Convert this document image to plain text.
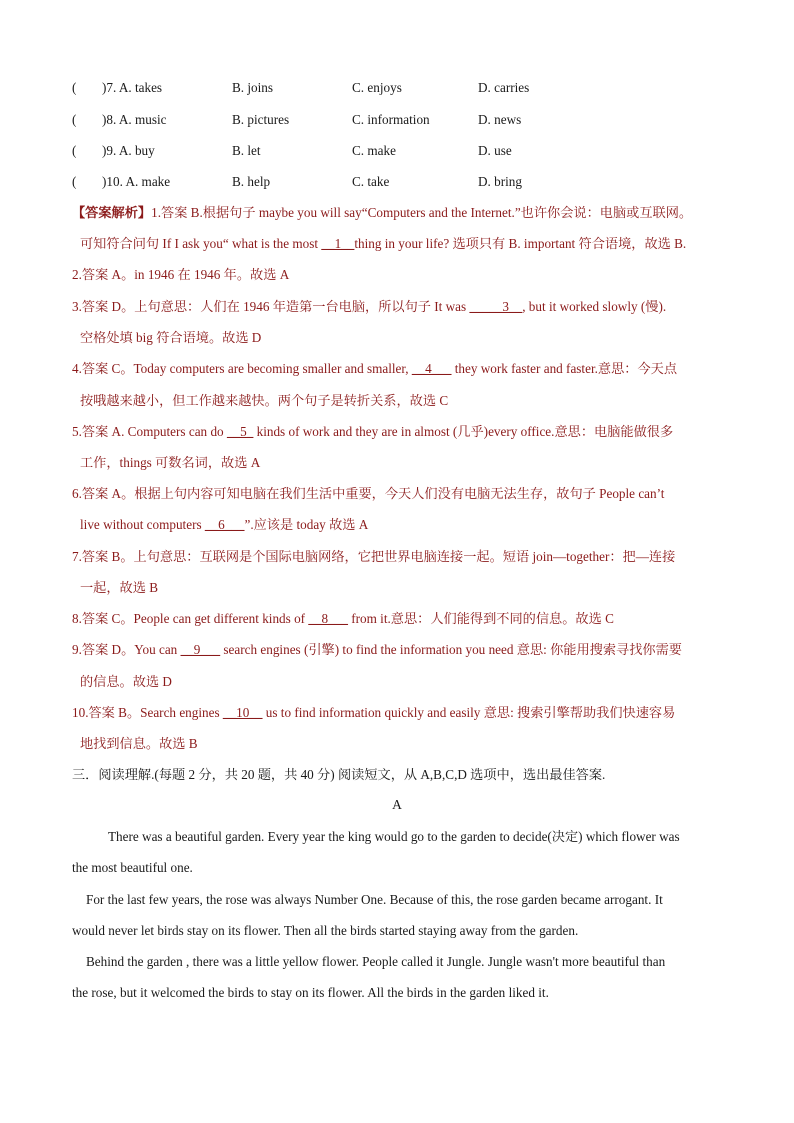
( )7. A. takes	B. joins	C. enjoys	D. carries
( )8. A. music	B. pictures	C. information	D. news
( )9. A. buy	B. let	C. make	D. use
( )10. A. make	B. help	C. take	D. bring
【答案解析】1.答案 B.根据句子 maybe you will say“Computers and the Internet.”也许你会说：电脑或互联网。
可知符合问句 If I ask you“ what is the most __1__thing in your life? 选项只有 B. important 符合语境，故选 B.
2.答案 A。in 1946 在 1946 年。故选 A
3.答案 D。上句意思：人们在 1946 年造第一台电脑，所以句子 It was _____3__, but it worked slowly (慢).
空格处填 big 符合语境。故选 D
4.答案 C。Today computers are becoming smaller and smaller, __4___ they work faster and faster.意思：今天点
按哦越来越小，但工作越来越快。两个句子是转折关系，故选 C
5.答案 A. Computers can do __5_ kinds of work and they are in almost (几乎)every office.意思：电脑能做很多
工作，things 可数名词，故选 A
6.答案 A。根据上句内容可知电脑在我们生活中重要，今天人们没有电脑无法生存，故句子 People can’t
live without computers __6___”.应该是 today 故选 A
7.答案 B。上句意思：互联网是个国际电脑网络，它把世界电脑连接一起。短语 join—together：把—连接
一起，故选 B
8.答案 C。People can get different kinds of __8___ from it.意思：人们能得到不同的信息。故选 C
9.答案 D。You can __9___ search engines (引擎) to find the information you need 意思: 你能用搜索寻找你需要
的信息。故选 D
10.答案 B。Search engines __10__ us to find information quickly and easily 意思: 搜索引擎帮助我们快速容易
地找到信息。故选 B
三．阅读理解.(每题 2 分，共 20 题，共 40 分) 阅读短文，从 A,B,C,D 选项中，选出最佳答案.
A
There was a beautiful garden. Every year the king would go to the garden to decide(决定) which flower was
the most beautiful one.
For the last few years, the rose was always Number One. Because of this, the rose garden became arrogant. It
would never let birds stay on its flower. Then all the birds started staying away from the garden.
Behind the garden , there was a little yellow flower. People called it Jungle. Jungle wasn't more beautiful than
the rose, but it welcomed the birds to stay on its flower. All the birds in the garden liked it.
